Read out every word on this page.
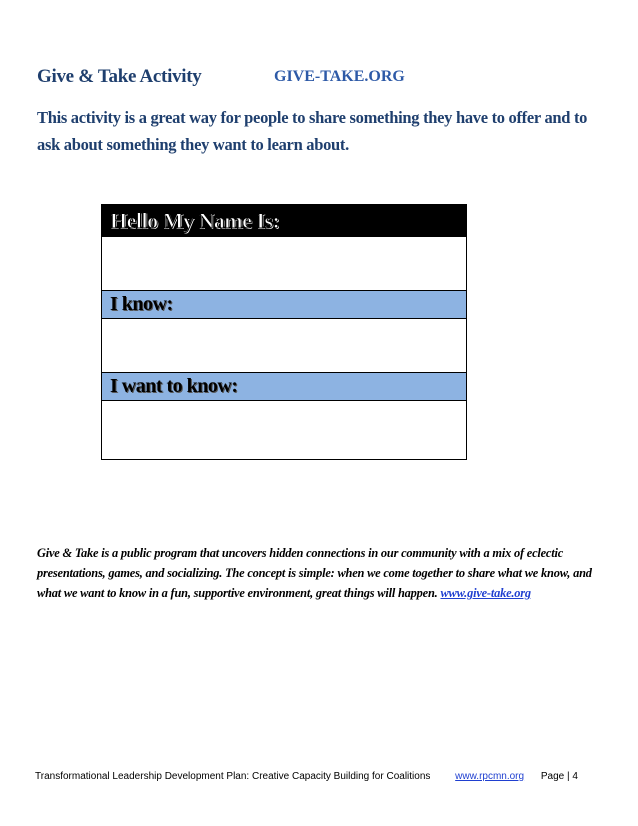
Give & Take Activity	GIVE-TAKE.ORG
This activity is a great way for people to share something they have to offer and to ask about something they want to learn about.
Hello My Name Is:
I know:
I want to know:
Give & Take is a public program that uncovers hidden connections in our community with a mix of eclectic presentations, games, and socializing. The concept is simple: when we come together to share what we know, and what we want to know in a fun, supportive environment, great things will happen. www.give-take.org
Transformational Leadership Development Plan: Creative Capacity Building for Coalitions www.rpcmn.org Page | 4
